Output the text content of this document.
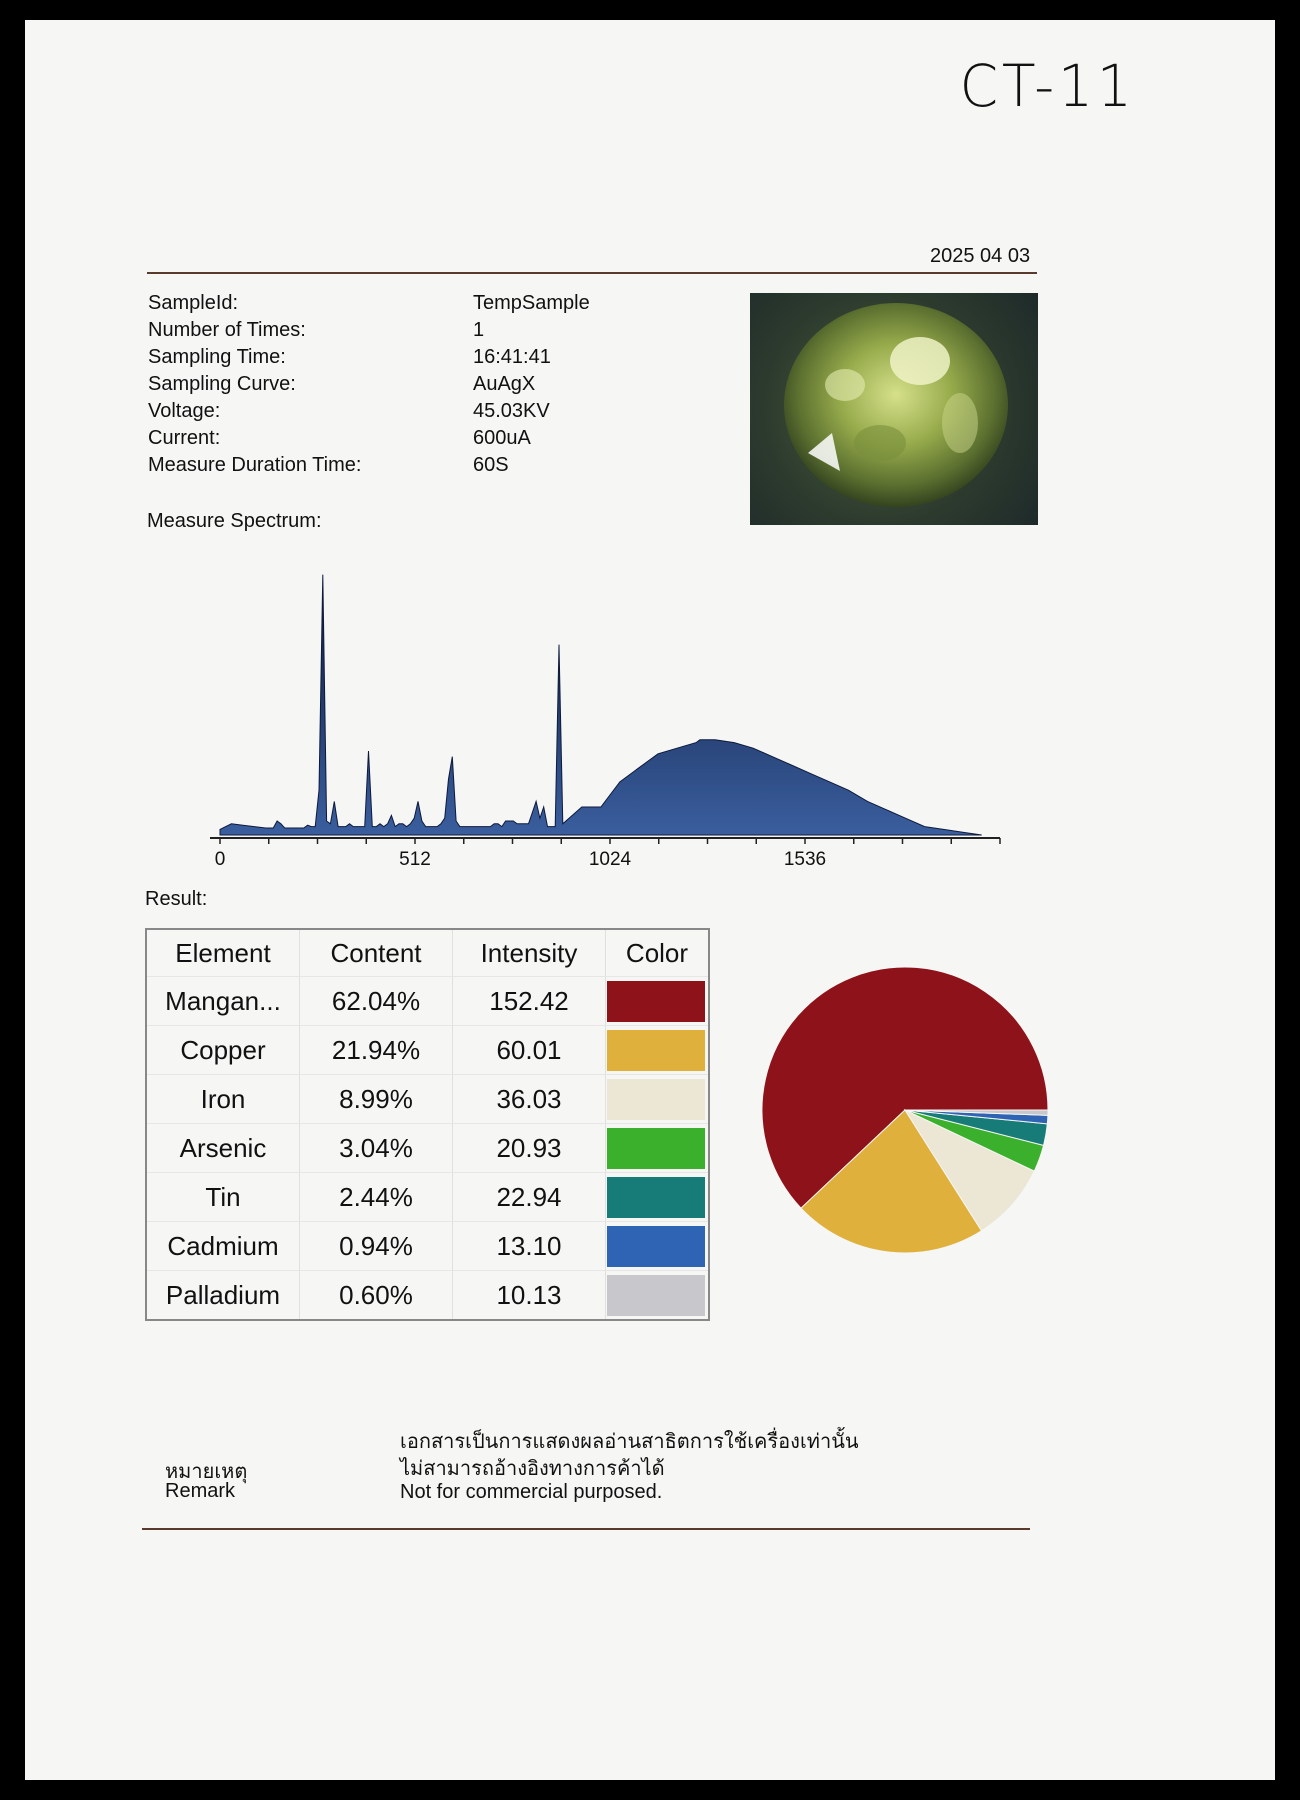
CT-11
2025 04 03
SampleId:	TempSample
Number of Times:	1
Sampling Time:	16:41:41
Sampling Curve:	AuAgX
Voltage:	45.03KV
Current:	600uA
Measure Duration Time:	60S
Measure Spectrum:
0	512	1024	1536
Result:
Element	Content	Intensity	Color
Mangan...	62.04%	152.42	

Copper	21.94%	60.01	

Iron	8.99%	36.03	

Arsenic	3.04%	20.93	

Tin	2.44%	22.94	

Cadmium	0.94%	13.10	

Palladium	0.60%	10.13	
เอกสารเป็นการแสดงผลอ่านสาธิตการใช้เครื่องเท่านั้น
หมายเหตุ	ไม่สามารถอ้างอิงทางการค้าได้
Remark	Not for commercial purposed.
